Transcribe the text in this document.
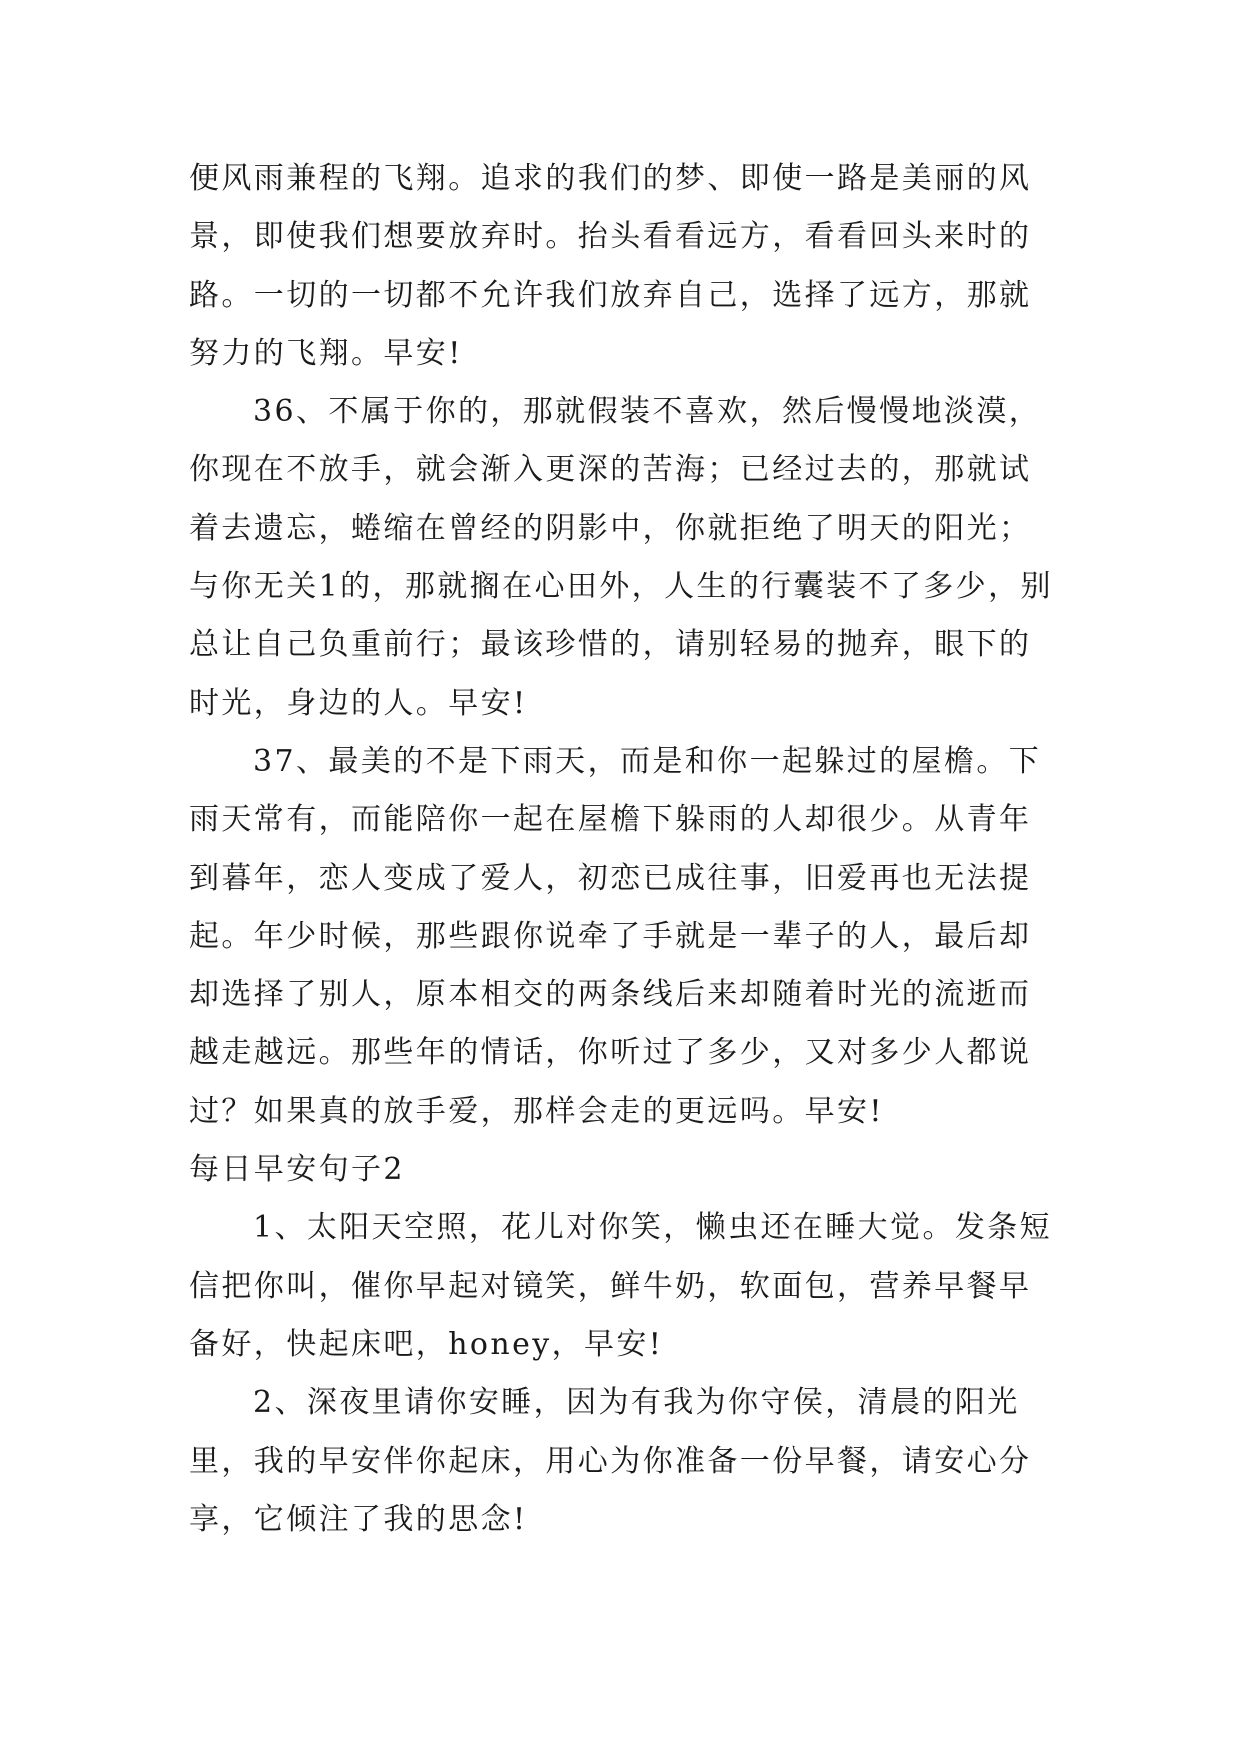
便风雨兼程的飞翔。追求的我们的梦、即使一路是美丽的风景，即使我们想要放弃时。抬头看看远方，看看回头来时的路。一切的一切都不允许我们放弃自己，选择了远方，那就努力的飞翔。早安!

36、不属于你的，那就假装不喜欢，然后慢慢地淡漠，你现在不放手，就会渐入更深的苦海；已经过去的，那就试着去遗忘，蜷缩在曾经的阴影中，你就拒绝了明天的阳光；与你无关1的，那就搁在心田外，人生的行囊装不了多少，别总让自己负重前行；最该珍惜的，请别轻易的抛弃，眼下的时光，身边的人。早安!

37、最美的不是下雨天，而是和你一起躲过的屋檐。下雨天常有，而能陪你一起在屋檐下躲雨的人却很少。从青年到暮年，恋人变成了爱人，初恋已成往事，旧爱再也无法提起。年少时候，那些跟你说牵了手就是一辈子的人，最后却却选择了别人，原本相交的两条线后来却随着时光的流逝而越走越远。那些年的情话，你听过了多少，又对多少人都说过？如果真的放手爱，那样会走的更远吗。早安!

每日早安句子2

1、太阳天空照，花儿对你笑，懒虫还在睡大觉。发条短信把你叫，催你早起对镜笑，鲜牛奶，软面包，营养早餐早备好，快起床吧，honey，早安!

2、深夜里请你安睡，因为有我为你守侯，清晨的阳光里，我的早安伴你起床，用心为你准备一份早餐，请安心分享，它倾注了我的思念!
